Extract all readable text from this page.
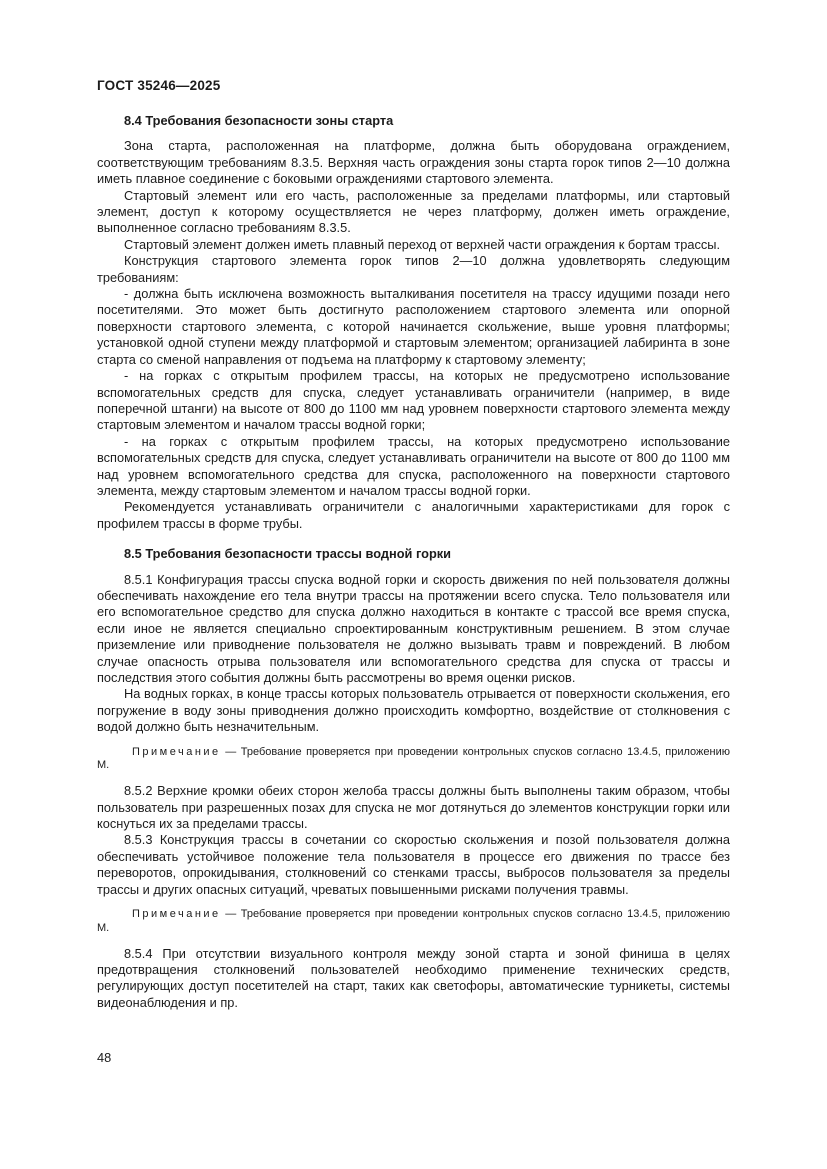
ГОСТ 35246—2025
8.4 Требования безопасности зоны старта

Зона старта, расположенная на платформе, должна быть оборудована ограждением, соответствующим требованиям 8.3.5. Верхняя часть ограждения зоны старта горок типов 2—10 должна иметь плавное соединение с боковыми ограждениями стартового элемента.

Стартовый элемент или его часть, расположенные за пределами платформы, или стартовый элемент, доступ к которому осуществляется не через платформу, должен иметь ограждение, выполненное согласно требованиям 8.3.5.

Стартовый элемент должен иметь плавный переход от верхней части ограждения к бортам трассы.

Конструкция стартового элемента горок типов 2—10 должна удовлетворять следующим требованиям:

- должна быть исключена возможность выталкивания посетителя на трассу идущими позади него посетителями. Это может быть достигнуто расположением стартового элемента или опорной поверхности стартового элемента, с которой начинается скольжение, выше уровня платформы; установкой одной ступени между платформой и стартовым элементом; организацией лабиринта в зоне старта со сменой направления от подъема на платформу к стартовому элементу;

- на горках с открытым профилем трассы, на которых не предусмотрено использование вспомогательных средств для спуска, следует устанавливать ограничители (например, в виде поперечной штанги) на высоте от 800 до 1100 мм над уровнем поверхности стартового элемента между стартовым элементом и началом трассы водной горки;

- на горках с открытым профилем трассы, на которых предусмотрено использование вспомогательных средств для спуска, следует устанавливать ограничители на высоте от 800 до 1100 мм над уровнем вспомогательного средства для спуска, расположенного на поверхности стартового элемента, между стартовым элементом и началом трассы водной горки.

Рекомендуется устанавливать ограничители с аналогичными характеристиками для горок с профилем трассы в форме трубы.

8.5 Требования безопасности трассы водной горки

8.5.1 Конфигурация трассы спуска водной горки и скорость движения по ней пользователя должны обеспечивать нахождение его тела внутри трассы на протяжении всего спуска. Тело пользователя или его вспомогательное средство для спуска должно находиться в контакте с трассой все время спуска, если иное не является специально спроектированным конструктивным решением. В этом случае приземление или приводнение пользователя не должно вызывать травм и повреждений. В любом случае опасность отрыва пользователя или вспомогательного средства для спуска от трассы и последствия этого события должны быть рассмотрены во время оценки рисков.

На водных горках, в конце трассы которых пользователь отрывается от поверхности скольжения, его погружение в воду зоны приводнения должно происходить комфортно, воздействие от столкновения с водой должно быть незначительным.

Примечание — Требование проверяется при проведении контрольных спусков согласно 13.4.5, приложению М.

8.5.2 Верхние кромки обеих сторон желоба трассы должны быть выполнены таким образом, чтобы пользователь при разрешенных позах для спуска не мог дотянуться до элементов конструкции горки или коснуться их за пределами трассы.

8.5.3 Конструкция трассы в сочетании со скоростью скольжения и позой пользователя должна обеспечивать устойчивое положение тела пользователя в процессе его движения по трассе без переворотов, опрокидывания, столкновений со стенками трассы, выбросов пользователя за пределы трассы и других опасных ситуаций, чреватых повышенными рисками получения травмы.

Примечание — Требование проверяется при проведении контрольных спусков согласно 13.4.5, приложению М.

8.5.4 При отсутствии визуального контроля между зоной старта и зоной финиша в целях предотвращения столкновений пользователей необходимо применение технических средств, регулирующих доступ посетителей на старт, таких как светофоры, автоматические турникеты, системы видеонаблюдения и пр.

48
